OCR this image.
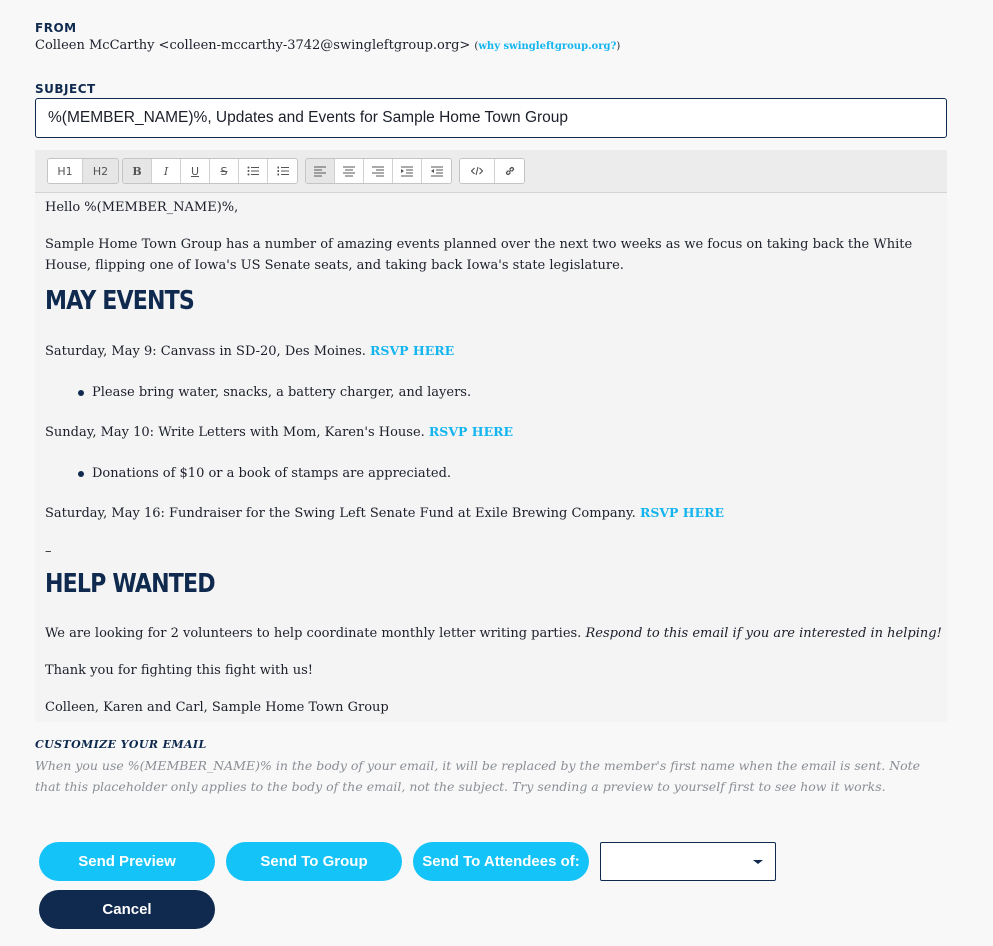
FROM
Colleen McCarthy <colleen-mccarthy-3742@swingleftgroup.org> (why swingleftgroup.org?)
SUBJECT
%(MEMBER_NAME)%, Updates and Events for Sample Home Town Group
H1	H2	B	I	U	S

Hello %(MEMBER_NAME)%,

Sample Home Town Group has a number of amazing events planned over the next two weeks as we focus on taking back the White House, flipping one of Iowa's US Senate seats, and taking back Iowa's state legislature.

MAY EVENTS

Saturday, May 9: Canvass in SD-20, Des Moines. RSVP HERE

Please bring water, snacks, a battery charger, and layers.

Sunday, May 10: Write Letters with Mom, Karen's House. RSVP HERE

Donations of $10 or a book of stamps are appreciated.

Saturday, May 16: Fundraiser for the Swing Left Senate Fund at Exile Brewing Company. RSVP HERE

–

HELP WANTED

We are looking for 2 volunteers to help coordinate monthly letter writing parties. Respond to this email if you are interested in helping!

Thank you for fighting this fight with us!

Colleen, Karen and Carl, Sample Home Town Group

CUSTOMIZE YOUR EMAIL
When you use %(MEMBER_NAME)% in the body of your email, it will be replaced by the member's first name when the email is sent. Note that this placeholder only applies to the body of the email, not the subject. Try sending a preview to yourself first to see how it works.
Send Preview	Send To Group	Send To Attendees of:
Cancel
